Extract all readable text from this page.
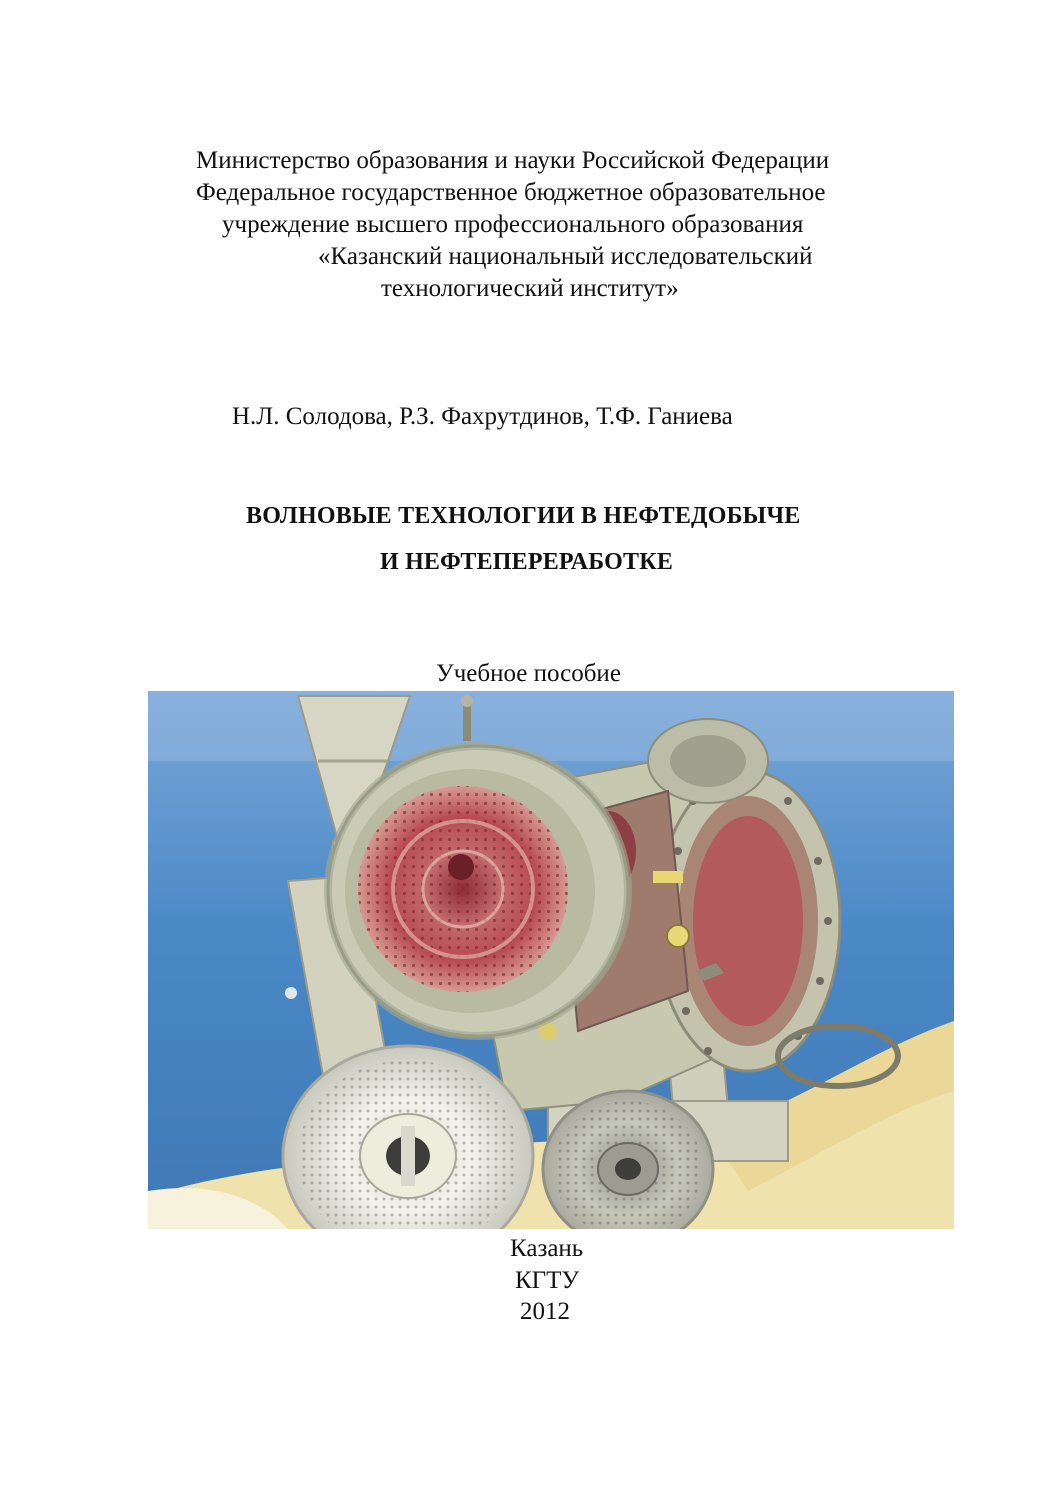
Министерство образования и науки Российской Федерации
Федеральное государственное бюджетное образовательное
учреждение высшего профессионального образования
«Казанский национальный исследовательский
технологический институт»
Н.Л. Солодова, Р.З. Фахрутдинов, Т.Ф. Ганиева
ВОЛНОВЫЕ ТЕХНОЛОГИИ В НЕФТЕДОБЫЧЕ
И НЕФТЕПЕРЕРАБОТКЕ
Учебное пособие
Казань
КГТУ
2012
